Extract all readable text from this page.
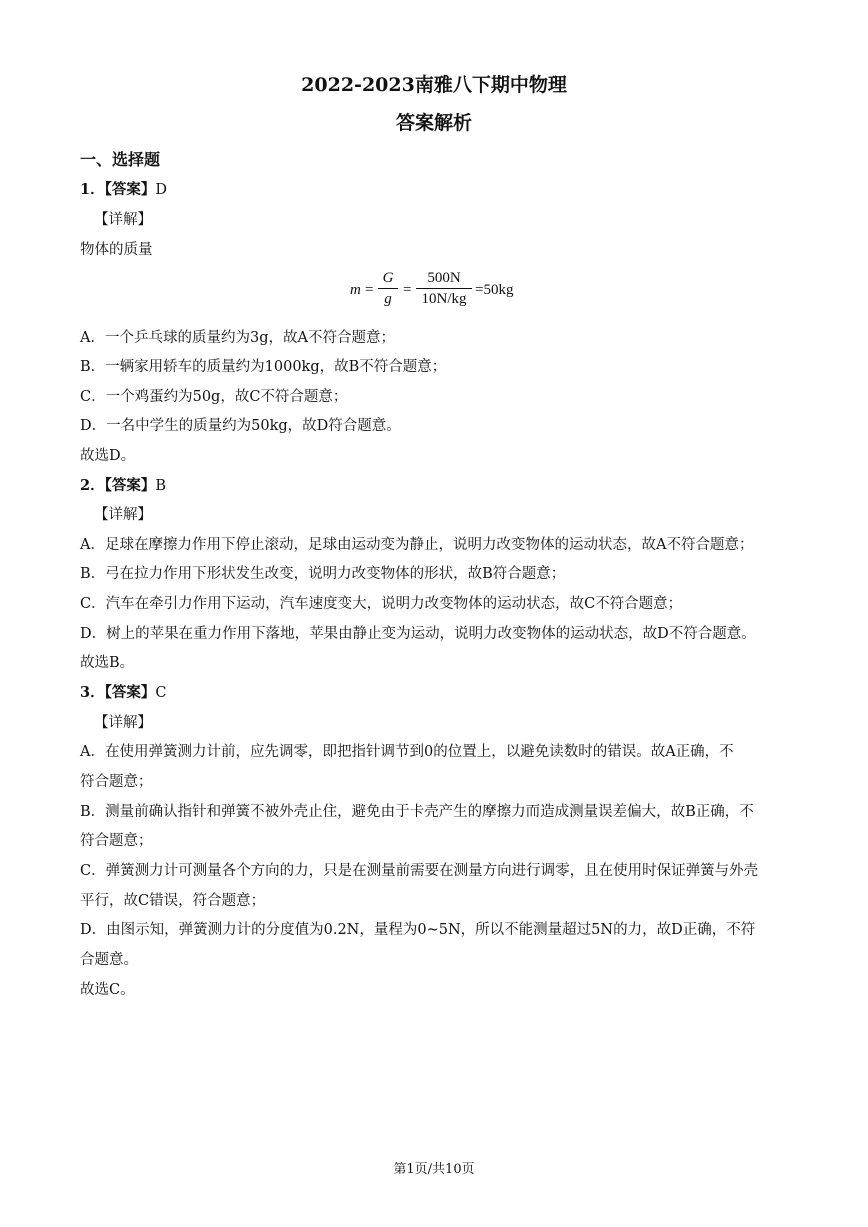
2022-2023南雅八下期中物理
答案解析
一、选择题
1．【答案】D
【详解】
物体的质量
$m = \frac{G}{g} = \frac{500N}{10N/kg} =50kg$
A．一个乒乓球的质量约为3g，故A不符合题意；
B．一辆家用轿车的质量约为1000kg，故B不符合题意；
C．一个鸡蛋约为50g，故C不符合题意；
D．一名中学生的质量约为50kg，故D符合题意。
故选D。
2．【答案】B
【详解】
A．足球在摩擦力作用下停止滚动，足球由运动变为静止，说明力改变物体的运动状态，故A不符合题意；
B．弓在拉力作用下形状发生改变，说明力改变物体的形状，故B符合题意；
C．汽车在牵引力作用下运动，汽车速度变大，说明力改变物体的运动状态，故C不符合题意；
D．树上的苹果在重力作用下落地，苹果由静止变为运动，说明力改变物体的运动状态，故D不符合题意。
故选B。
3．【答案】C
【详解】
A．在使用弹簧测力计前，应先调零，即把指针调节到0的位置上，以避免读数时的错误。故A正确，不
符合题意；
B．测量前确认指针和弹簧不被外壳止住，避免由于卡壳产生的摩擦力而造成测量误差偏大，故B正确，不
符合题意；
C．弹簧测力计可测量各个方向的力，只是在测量前需要在测量方向进行调零，且在使用时保证弹簧与外壳
平行，故C错误，符合题意；
D．由图示知，弹簧测力计的分度值为0.2N，量程为0~5N，所以不能测量超过5N的力，故D正确，不符
合题意。
故选C。
第1页/共10页
